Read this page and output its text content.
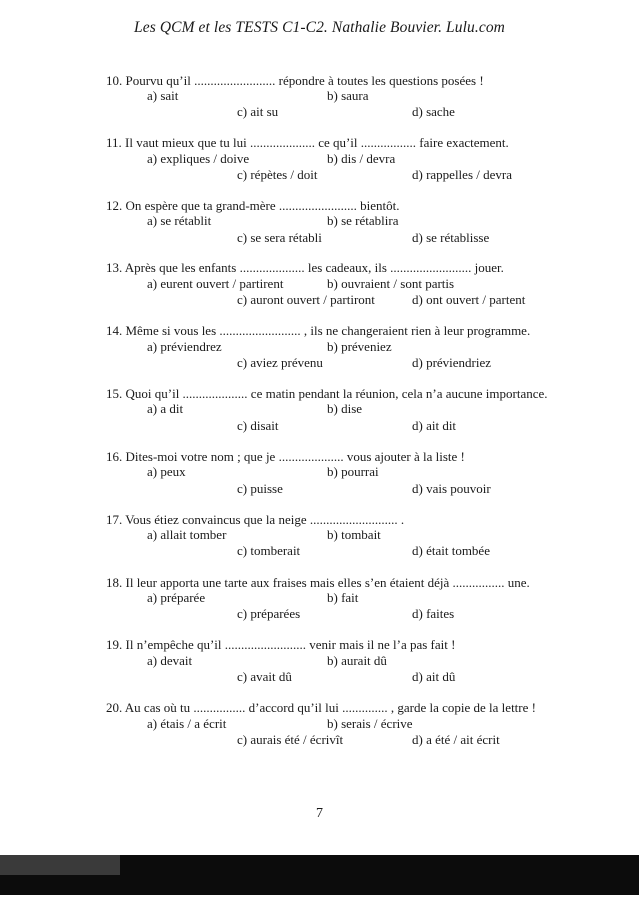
Les QCM et les TESTS C1-C2. Nathalie Bouvier. Lulu.com
10. Pourvu qu’il ......................... répondre à toutes les questions posées !
a) sait	b) saura
c) ait su	d) sache
11. Il vaut mieux que tu lui .................... ce qu’il ................. faire exactement.
a) expliques / doive	b) dis / devra
c) répètes / doit	d) rappelles / devra
12. On espère que ta grand-mère ........................ bientôt.
a) se rétablit	b) se rétablira
c) se sera rétabli	d) se rétablisse
13. Après que les enfants .................... les cadeaux, ils ......................... jouer.
a) eurent ouvert / partirent	b) ouvraient / sont partis
c) auront ouvert / partiront	d) ont ouvert / partent
14. Même si vous les ......................... , ils ne changeraient rien à leur programme.
a) préviendrez	b) préveniez
c) aviez prévenu	d) préviendriez
15. Quoi qu’il .................... ce matin pendant la réunion, cela n’a aucune importance.
a) a dit	b) dise
c) disait	d) ait dit
16. Dites-moi votre nom ; que je .................... vous ajouter à la liste !
a) peux	b) pourrai
c) puisse	d) vais pouvoir
17. Vous étiez convaincus que la neige ........................... .
a) allait tomber	b) tombait
c) tomberait	d) était tombée
18. Il leur apporta une tarte aux fraises mais elles s’en étaient déjà ................ une.
a) préparée	b) fait
c) préparées	d) faites
19. Il n’empêche qu’il ......................... venir mais il ne l’a pas fait !
a) devait	b) aurait dû
c) avait dû	d) ait dû
20. Au cas où tu ................ d’accord qu’il lui .............. , garde la copie de la lettre !
a) étais / a écrit	b) serais / écrive
c) aurais été / écrivît	d) a été / ait écrit
7
